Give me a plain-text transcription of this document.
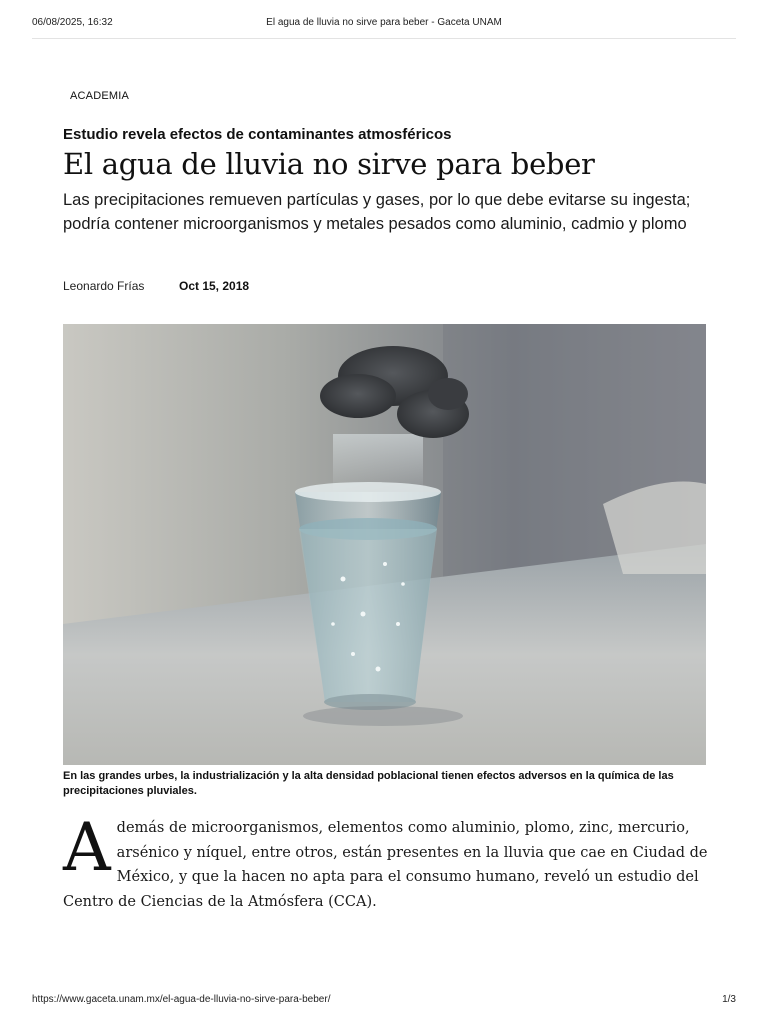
06/08/2025, 16:32	El agua de lluvia no sirve para beber - Gaceta UNAM
ACADEMIA
Estudio revela efectos de contaminantes atmosféricos
El agua de lluvia no sirve para beber

Las precipitaciones remueven partículas y gases, por lo que debe evitarse su ingesta; podría contener microorganismos y metales pesados como aluminio, cadmio y plomo

Leonardo Frías	Oct 15, 2018

En las grandes urbes, la industrialización y la alta densidad poblacional tienen efectos adversos en la química de las precipitaciones pluviales.

Además de microorganismos, elementos como aluminio, plomo, zinc, mercurio, arsénico y níquel, entre otros, están presentes en la lluvia que cae en Ciudad de México, y que la hacen no apta para el consumo humano, reveló un estudio del Centro de Ciencias de la Atmósfera (CCA).

https://www.gaceta.unam.mx/el-agua-de-lluvia-no-sirve-para-beber/	1/3
